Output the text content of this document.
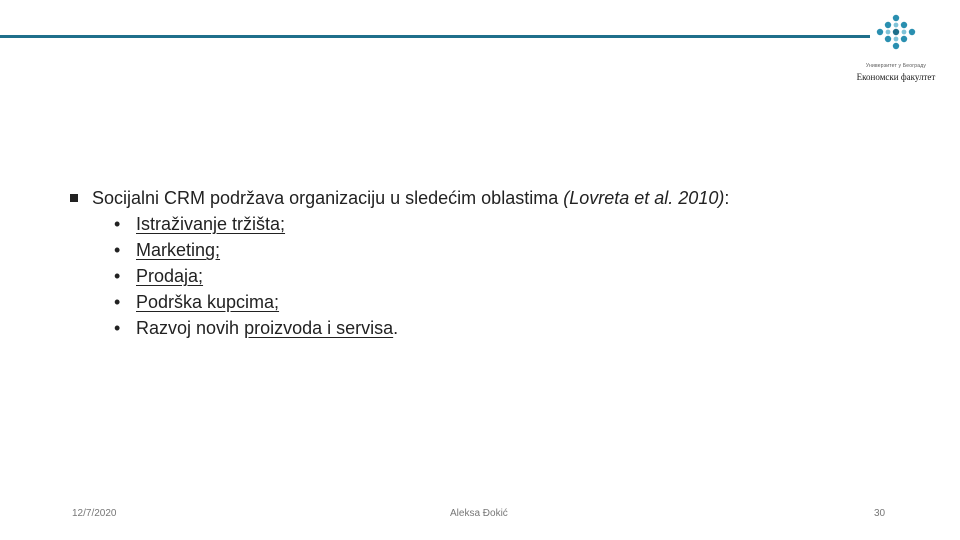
Универзитет у Београду
Економски факултет
Socijalni CRM podržava organizaciju u sledećim oblastima
(Lovreta et al. 2010) :
• Istraživanje tržišta;
• Marketing;
• Prodaja;
• Podrška kupcima;
• Razvoj novih
proizvoda i servisa .
12/7/2020	Aleksa Đokić	30
